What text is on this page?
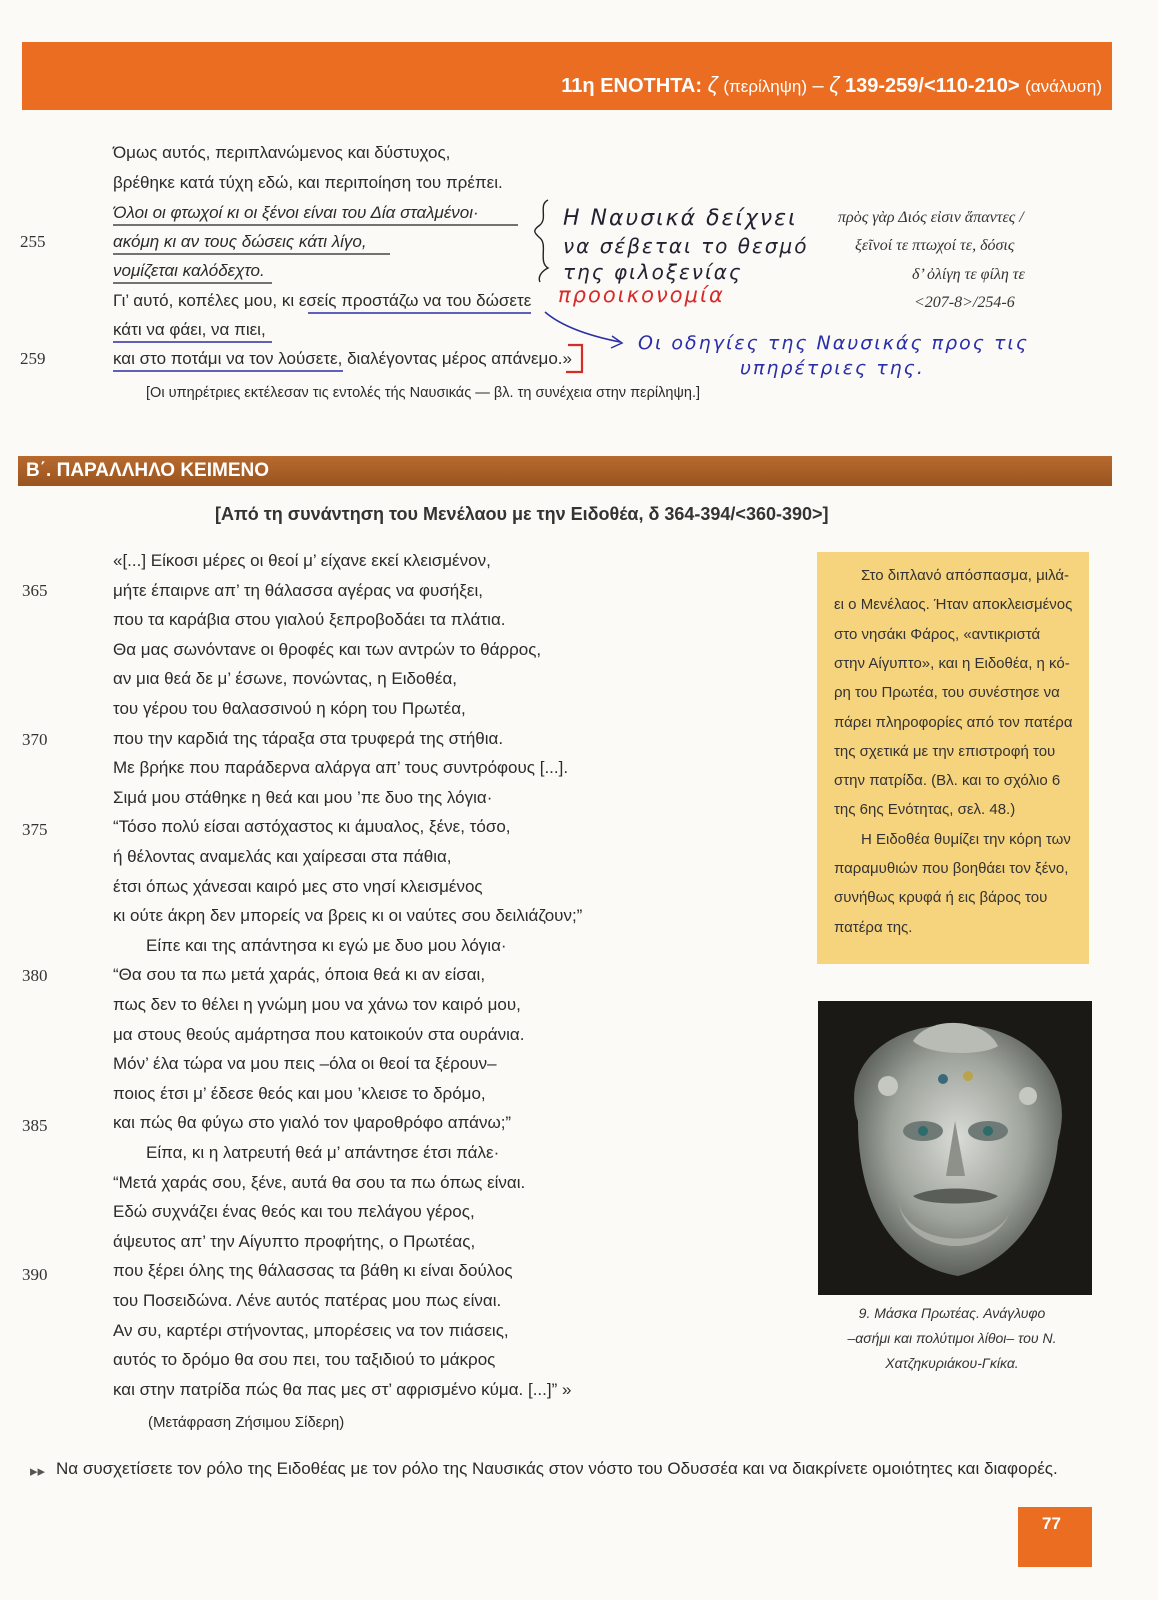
11η ΕΝΟΤΗΤΑ: ζ (περίληψη) – ζ 139-259/<110-210> (ανάλυση)
Όμως αυτός, περιπλανώμενος και δύστυχος,
βρέθηκε κατά τύχη εδώ, και περιποίηση του πρέπει.
Όλοι οι φτωχοί κι οι ξένοι είναι του Δία σταλμένοι·
ακόμη κι αν τους δώσεις κάτι λίγο,
νομίζεται καλόδεχτο.
Γι’ αυτό, κοπέλες μου, κι εσείς προστάζω να του δώσετε
κάτι να φάει, να πιει,
και στο ποτάμι να τον λούσετε, διαλέγοντας μέρος απάνεμο.»
255
259
[Οι υπηρέτριες εκτέλεσαν τις εντολές τής Ναυσικάς — βλ. τη συνέχεια στην περίληψη.]
Η Ναυσικά δείχνει
να σέβεται το θεσμό
της φιλοξενίας
προοικονομία
Οι οδηγίες της Ναυσικάς προς τις
υπηρέτριες της.
πρὸς γὰρ Διός εἰσιν ἅπαντες /
ξεῖνοί τε πτωχοί τε, δόσις
δ’ ὀλίγη τε φίλη τε
<207-8>/254-6
Β΄. ΠΑΡΑΛΛΗΛΟ ΚΕΙΜΕΝΟ
[Από τη συνάντηση του Μενέλαου με την Ειδοθέα, δ 364-394/<360-390>]
«[...] Είκοσι μέρες οι θεοί μ’ είχανε εκεί κλεισμένον,
μήτε έπαιρνε απ’ τη θάλασσα αγέρας να φυσήξει,
που τα καράβια στου γιαλού ξεπροβοδάει τα πλάτια.
Θα μας σωνόντανε οι θροφές και των αντρών το θάρρος,
αν μια θεά δε μ’ έσωνε, πονώντας, η Ειδοθέα,
του γέρου του θαλασσινού η κόρη του Πρωτέα,
που την καρδιά της τάραξα στα τρυφερά της στήθια.
Με βρήκε που παράδερνα αλάργα απ’ τους συντρόφους [...].
Σιμά μου στάθηκε η θεά και μου ’πε δυο της λόγια·
“Τόσο πολύ είσαι αστόχαστος κι άμυαλος, ξένε, τόσο,
ή θέλοντας αναμελάς και χαίρεσαι στα πάθια,
έτσι όπως χάνεσαι καιρό μες στο νησί κλεισμένος
κι ούτε άκρη δεν μπορείς να βρεις κι οι ναύτες σου δειλιάζουν;”
Είπε και της απάντησα κι εγώ με δυο μου λόγια·
“Θα σου τα πω μετά χαράς, όποια θεά κι αν είσαι,
πως δεν το θέλει η γνώμη μου να χάνω τον καιρό μου,
μα στους θεούς αμάρτησα που κατοικούν στα ουράνια.
Μόν’ έλα τώρα να μου πεις –όλα οι θεοί τα ξέρουν–
ποιος έτσι μ’ έδεσε θεός και μου ’κλεισε το δρόμο,
και πώς θα φύγω στο γιαλό τον ψαροθρόφο απάνω;”
Είπα, κι η λατρευτή θεά μ’ απάντησε έτσι πάλε·
“Μετά χαράς σου, ξένε, αυτά θα σου τα πω όπως είναι.
Εδώ συχνάζει ένας θεός και του πελάγου γέρος,
άψευτος απ’ την Αίγυπτο προφήτης, ο Πρωτέας,
που ξέρει όλης της θάλασσας τα βάθη κι είναι δούλος
του Ποσειδώνα. Λένε αυτός πατέρας μου πως είναι.
Αν συ, καρτέρι στήνοντας, μπορέσεις να τον πιάσεις,
αυτός το δρόμο θα σου πει, του ταξιδιού το μάκρος
και στην πατρίδα πώς θα πας μες στ’ αφρισμένο κύμα. [...]” »
365
370
375
380
385
390
(Μετάφραση Ζήσιμου Σίδερη)
Στο διπλανό απόσπασμα, μιλά-
ει ο Μενέλαος. Ήταν αποκλεισμένος
στο νησάκι Φάρος, «αντικριστά
στην Αίγυπτο», και η Ειδοθέα, η κό-
ρη του Πρωτέα, του συνέστησε να
πάρει πληροφορίες από τον πατέρα
της σχετικά με την επιστροφή του
στην πατρίδα. (Βλ. και το σχόλιο 6
της 6ης Ενότητας, σελ. 48.)
Η Ειδοθέα θυμίζει την κόρη των
παραμυθιών που βοηθάει τον ξένο,
συνήθως κρυφά ή εις βάρος του
πατέρα της.
9. Μάσκα Πρωτέας. Ανάγλυφο
–ασήμι και πολύτιμοι λίθοι– του Ν.
Χατζηκυριάκου-Γκίκα.
▸▸ Να συσχετίσετε τον ρόλο της Ειδοθέας με τον ρόλο της Ναυσικάς στον νόστο του Οδυσσέα και να διακρίνετε ομοιότητες και διαφορές.
77
